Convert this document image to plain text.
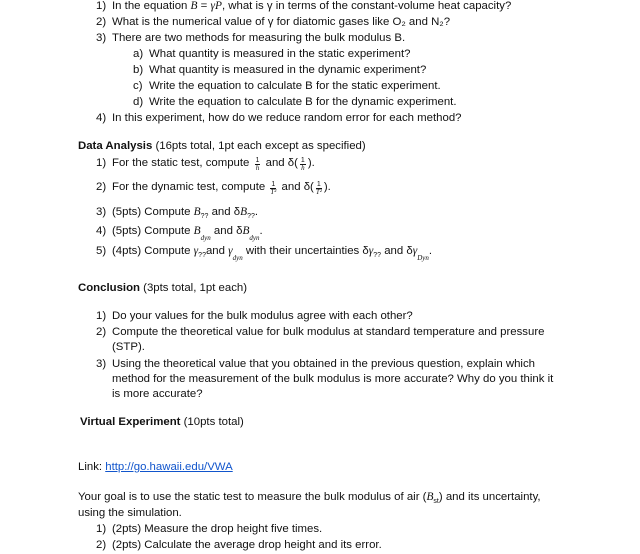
1) In the equation B = γP, what is γ in terms of the constant-volume heat capacity?
2) What is the numerical value of γ for diatomic gases like O₂ and N₂?
3) There are two methods for measuring the bulk modulus B.
a) What quantity is measured in the static experiment?
b) What quantity is measured in the dynamic experiment?
c) Write the equation to calculate B for the static experiment.
d) Write the equation to calculate B for the dynamic experiment.
4) In this experiment, how do we reduce random error for each method?
Data Analysis (16pts total, 1pt each except as specified)
1) For the static test, compute $\frac{1}{h}$ and $\delta( \frac{1}{h}$ ).
2) For the dynamic test, compute $\frac{1}{\text{T²}}$ and $\delta( \frac{1}{\text{T²}}$ ).
3) (5pts) Compute $B_{??}$ and $\delta B_{??}$.
4) (5pts) Compute $B_{dyn}$ and $\delta B_{dyn}$.
5) (4pts) Compute $\gamma_{??}and$ $\gamma_{dyn}$ with their uncertainties $\delta\gamma_{??}$ and $\delta\gamma_{Dyn}$.
Conclusion (3pts total, 1pt each)
1) Do your values for the bulk modulus agree with each other?
2) Compute the theoretical value for bulk modulus at standard temperature and pressure
(STP).
3) Using the theoretical value that you obtained in the previous question, explain which
method for the measurement of the bulk modulus is more accurate? Why do you think it
is more accurate?
Virtual Experiment (10pts total)
Link: http://go.hawaii.edu/VWA
Your goal is to use the static test to measure the bulk modulus of air $(B_{st})$ and its uncertainty,
using the simulation.
1) (2pts) Measure the drop height five times.
2) (2pts) Calculate the average drop height and its error.
